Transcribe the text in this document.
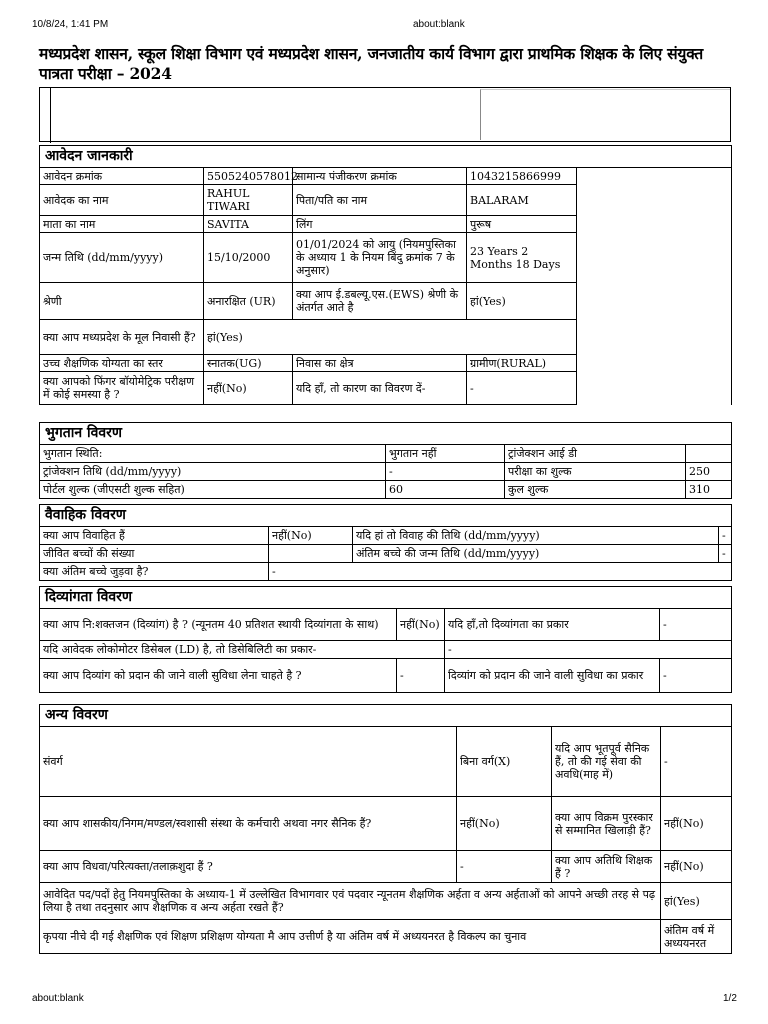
10/8/24, 1:41 PM	about:blank
मध्यप्रदेश शासन, स्कूल शिक्षा विभाग एवं मध्यप्रदेश शासन, जनजातीय कार्य विभाग द्वारा प्राथमिक शिक्षक के लिए संयुक्त पात्रता परीक्षा – 2024
आवेदन जानकारी				
आवेदन क्रमांक	5505240578012	सामान्य पंजीकरण क्रमांक	1043215866999	
आवेदक का नाम	RAHUL TIWARI	पिता/पति का नाम	BALARAM	
माता का नाम	SAVITA	लिंग	पुरूष	
जन्म तिथि (dd/mm/yyyy)	15/10/2000	01/01/2024 को आयु (नियमपुस्तिका के अध्याय 1 के नियम बिंदु क्रमांक 7 के अनुसार)	23 Years 2 Months 18 Days	
श्रेणी	अनारक्षित (UR)	क्या आप ई.डबल्यू.एस.(EWS) श्रेणी के अंतर्गत आते है	हां(Yes)	
क्या आप मध्यप्रदेश के मूल निवासी हैं?	हां(Yes)			
उच्च शैक्षणिक योग्यता का स्तर	स्नातक(UG)	निवास का क्षेत्र	ग्रामीण(RURAL)	
क्या आपको फिंगर बॉयोमेट्रिक परीक्षण में कोई समस्या है ?	नहीं(No)	यदि हाँ, तो कारण का विवरण दें-	-	
भुगतान विवरण			
भुगतान स्थिति:	भुगतान नहीं	ट्रांजेक्शन आई डी	
ट्रांजेक्शन तिथि (dd/mm/yyyy)	-	परीक्षा का शुल्क	250
पोर्टल शुल्क (जीएसटी शुल्क सहित)	60	कुल शुल्क	310
वैवाहिक विवरण			
क्या आप विवाहित हैं	नहीं(No)	यदि हां तो विवाह की तिथि (dd/mm/yyyy)	-
जीवित बच्चों की संख्या		अंतिम बच्चे की जन्म तिथि (dd/mm/yyyy)	-
क्या अंतिम बच्चे जुड़वा है?	-		
दिव्यांगता विवरण			
क्या आप नि:शक्तजन (दिव्यांग) है ? (न्यूनतम 40 प्रतिशत स्थायी दिव्यांगता के साथ)	नहीं(No)	यदि हाँ,तो दिव्यांगता का प्रकार	-
यदि आवेदक लोकोमोटर डिसेबल (LD) है, तो डिसेबिलिटी का प्रकार-		-	
क्या आप दिव्यांग को प्रदान की जाने वाली सुविधा लेना चाहते है ?	-	दिव्यांग को प्रदान की जाने वाली सुविधा का प्रकार	-
अन्य विवरण			
संवर्ग	बिना वर्ग(X)	यदि आप भूतपूर्व सैनिक हैं, तो की गई सेवा की अवधि(माह में)	-
क्या आप शासकीय/निगम/मण्डल/स्वशासी संस्था के कर्मचारी अथवा नगर सैनिक हैं?	नहीं(No)	क्या आप विक्रम पुरस्कार से सम्मानित खिलाड़ी हैं?	नहीं(No)
क्या आप विधवा/परित्यक्ता/तलाक़शुदा हैं ?	-	क्या आप अतिथि शिक्षक हैं ?	नहीं(No)
आवेदित पद/पदों हेतु नियमपुस्तिका के अध्याय-1 में उल्लेखित विभागवार एवं पदवार न्यूनतम शैक्षणिक अर्हता व अन्य अर्हताओं को आपने अच्छी तरह से पढ़ लिया है तथा तदनुसार आप शैक्षणिक व अन्य अर्हता रखते हैं?			हां(Yes)
कृपया नीचे दी गई शैक्षणिक एवं शिक्षण प्रशिक्षण योग्यता मै आप उत्तीर्ण है या अंतिम वर्ष में अध्ययनरत है विकल्प का चुनाव			अंतिम वर्ष में अध्ययनरत
about:blank	1/2
